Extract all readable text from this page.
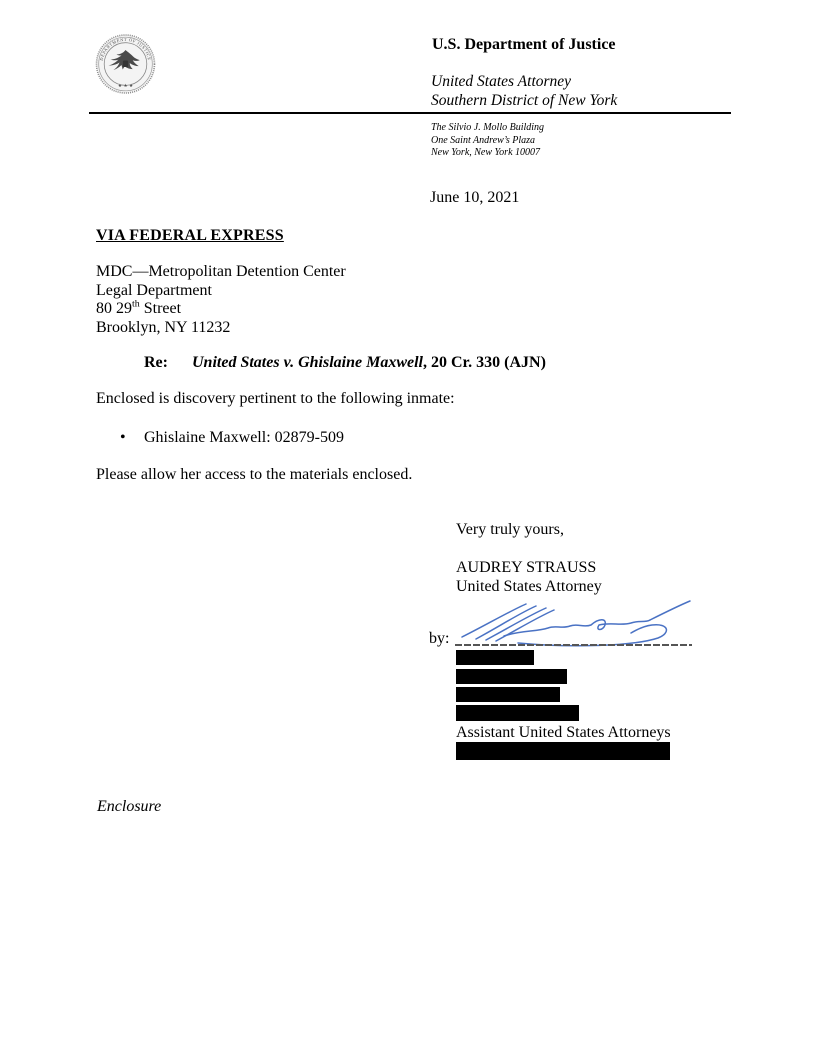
DEPARTMENT OF JUSTICE
★ ★ ★
U.S. Department of Justice
United States Attorney
Southern District of New York
The Silvio J. Mollo Building
One Saint Andrew’s Plaza
New York, New York 10007
June 10, 2021
VIA FEDERAL EXPRESS
MDC—Metropolitan Detention Center
Legal Department
80 29th Street
Brooklyn, NY 11232
Re: United States v. Ghislaine Maxwell, 20 Cr. 330 (AJN)
Enclosed is discovery pertinent to the following inmate:
• Ghislaine Maxwell: 02879-509
Please allow her access to the materials enclosed.
Very truly yours,
AUDREY STRAUSS
United States Attorney
by:
Assistant United States Attorneys
Enclosure
